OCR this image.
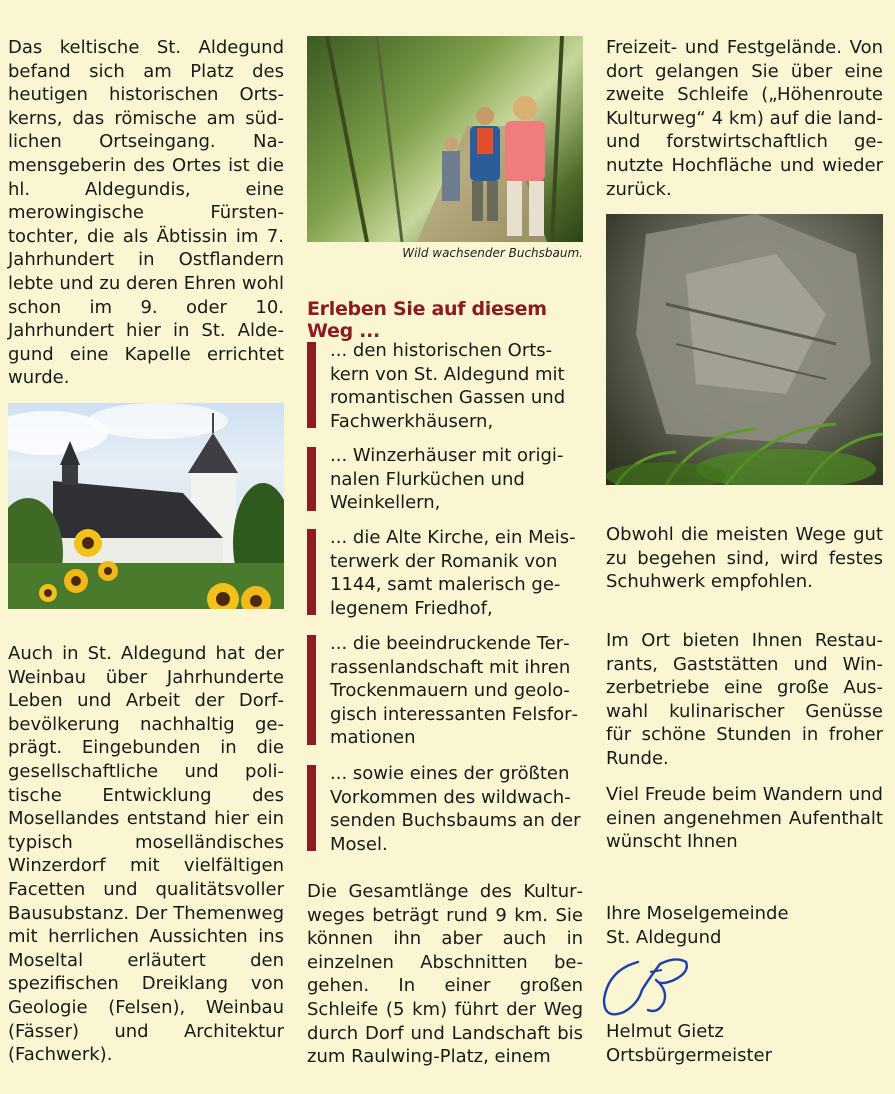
Das keltische St. Aldegund befand sich am Platz des heutigen historischen Ortskerns, das römische am südlichen Ortseingang. Namensgeberin des Ortes ist die hl. Aldegundis, eine merowingische Fürstentochter, die als Äbtissin im 7. Jahrhundert in Ostflandern lebte und zu deren Ehren wohl schon im 9. oder 10. Jahrhundert hier in St. Aldegund eine Kapelle errichtet wurde.

Auch in St. Aldegund hat der Weinbau über Jahrhunderte Leben und Arbeit der Dorfbevölkerung nachhaltig geprägt. Eingebunden in die gesellschaftliche und politische Entwicklung des Mosellandes entstand hier ein typisch moselländisches Winzerdorf mit vielfältigen Facetten und qualitätsvoller Bausubstanz. Der Themenweg mit herrlichen Aussichten ins Moseltal erläutert den spezifischen Dreiklang von Geologie (Felsen), Weinbau (Fässer) und Architektur (Fachwerk).

Wild wachsender Buchsbaum.
Erleben Sie auf diesem Weg ...

... den historischen Ortskern von St. Aldegund mit romantischen Gassen und Fachwerkhäusern,

... Winzerhäuser mit originalen Flurküchen und Weinkellern,

... die Alte Kirche, ein Meisterwerk der Romanik von 1144, samt malerisch gelegenem Friedhof,

... die beeindruckende Terrassenlandschaft mit ihren Trockenmauern und geologisch interessanten Felsformationen

... sowie eines der größten Vorkommen des wildwachsenden Buchsbaums an der Mosel.

Die Gesamtlänge des Kulturweges beträgt rund 9 km. Sie können ihn aber auch in einzelnen Abschnitten begehen. In einer großen Schleife (5 km) führt der Weg durch Dorf und Landschaft bis zum Raulwing-Platz, einem

Freizeit- und Festgelände. Von dort gelangen Sie über eine zweite Schleife („Höhenroute Kulturweg“ 4 km) auf die land- und forstwirtschaftlich genutzte Hochfläche und wieder zurück.

Obwohl die meisten Wege gut zu begehen sind, wird festes Schuhwerk empfohlen.

Im Ort bieten Ihnen Restaurants, Gaststätten und Winzerbetriebe eine große Auswahl kulinarischer Genüsse für schöne Stunden in froher Runde.

Viel Freude beim Wandern und einen angenehmen Aufenthalt wünscht Ihnen

Ihre Moselgemeinde
St. Aldegund
Helmut Gietz
Ortsbürgermeister
